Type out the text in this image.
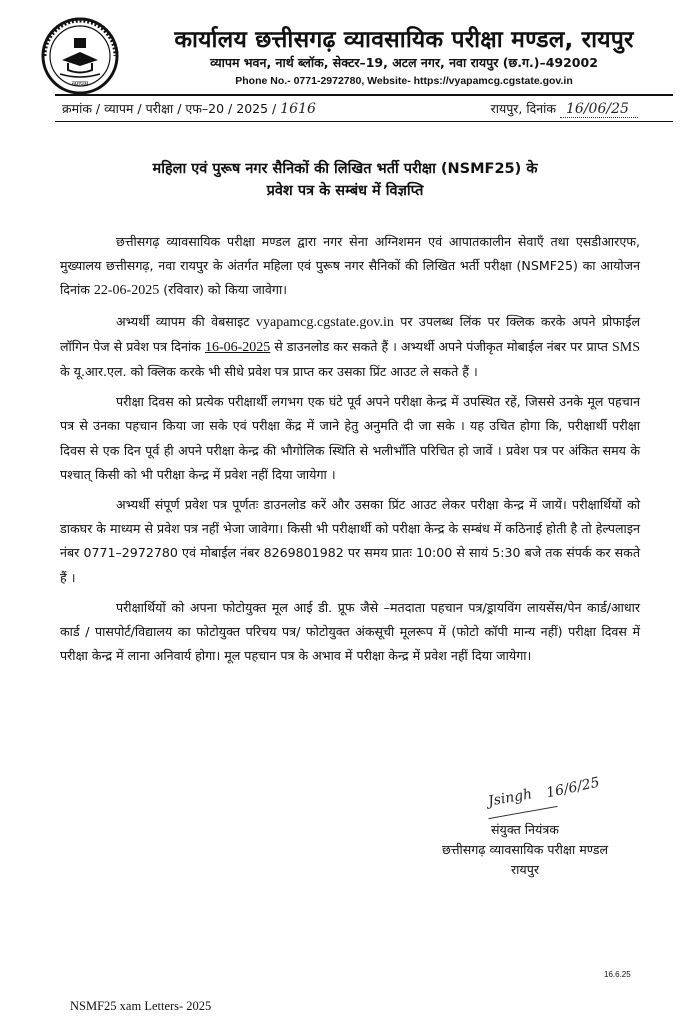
व्यापम
कार्यालय छत्तीसगढ़ व्यावसायिक परीक्षा मण्डल, रायपुर
व्यापम भवन, नार्थ ब्लॉक, सेक्टर–19, अटल नगर, नवा रायपुर (छ.ग.)–492002
Phone No.- 0771-2972780, Website- https://vyapamcg.cgstate.gov.in
क्रमांक / व्यापम / परीक्षा / एफ–20 / 2025 / 1616	रायपुर, दिनांक 16/06/25
महिला एवं पुरूष नगर सैनिकों की लिखित भर्ती परीक्षा (NSMF25) के
प्रवेश पत्र के सम्बंध में विज्ञप्ति

छत्तीसगढ़ व्यावसायिक परीक्षा मण्डल द्वारा नगर सेना अग्निशमन एवं आपातकालीन सेवाएँ तथा एसडीआरएफ, मुख्यालय छत्तीसगढ़, नवा रायपुर के अंतर्गत महिला एवं पुरूष नगर सैनिकों की लिखित भर्ती परीक्षा (NSMF25) का आयोजन दिनांक 22-06-2025 (रविवार) को किया जावेगा।

अभ्यर्थी व्यापम की वेबसाइट vyapamcg.cgstate.gov.in पर उपलब्ध लिंक पर क्लिक करके अपने प्रोफाईल लॉगिन पेज से प्रवेश पत्र दिनांक 16-06-2025 से डाउनलोड कर सकते हैं । अभ्यर्थी अपने पंजीकृत मोबाईल नंबर पर प्राप्त SMS के यू.आर.एल. को क्लिक करके भी सीधे प्रवेश पत्र प्राप्त कर उसका प्रिंट आउट ले सकते हैं ।

परीक्षा दिवस को प्रत्येक परीक्षार्थी लगभग एक घंटे पूर्व अपने परीक्षा केन्द्र में उपस्थित रहें, जिससे उनके मूल पहचान पत्र से उनका पहचान किया जा सके एवं परीक्षा केंद्र में जाने हेतु अनुमति दी जा सके । यह उचित होगा कि, परीक्षार्थी परीक्षा दिवस से एक दिन पूर्व ही अपने परीक्षा केन्द्र की भौगोलिक स्थिति से भलीभाँति परिचित हो जावें । प्रवेश पत्र पर अंकित समय के पश्चात् किसी को भी परीक्षा केन्द्र में प्रवेश नहीं दिया जायेगा ।

अभ्यर्थी संपूर्ण प्रवेश पत्र पूर्णतः डाउनलोड करें और उसका प्रिंट आउट लेकर परीक्षा केन्द्र में जायें। परीक्षार्थियों को डाकघर के माध्यम से प्रवेश पत्र नहीं भेजा जावेगा। किसी भी परीक्षार्थी को परीक्षा केन्द्र के सम्बंध में कठिनाई होती है तो हेल्पलाइन नंबर 0771–2972780 एवं मोबाईल नंबर 8269801982 पर समय प्रातः 10:00 से सायं 5:30 बजे तक संपर्क कर सकते हैं ।

परीक्षार्थियों को अपना फोटोयुक्त मूल आई डी. प्रूफ जैसे –मतदाता पहचान पत्र/ड्रायविंग लायसेंस/पेन कार्ड/आधार कार्ड / पासपोर्ट/विद्यालय का फोटोयुक्त परिचय पत्र/ फोटोयुक्त अंकसूची मूलरूप में (फोटो कॉपी मान्य नहीं) परीक्षा दिवस में परीक्षा केन्द्र में लाना अनिवार्य होगा। मूल पहचान पत्र के अभाव में परीक्षा केन्द्र में प्रवेश नहीं दिया जायेगा।

Jsingh 16/6/25
संयुक्त नियंत्रक
छत्तीसगढ़ व्यावसायिक परीक्षा मण्डल
रायपुर
16.6.25
NSMF25 xam Letters- 2025
